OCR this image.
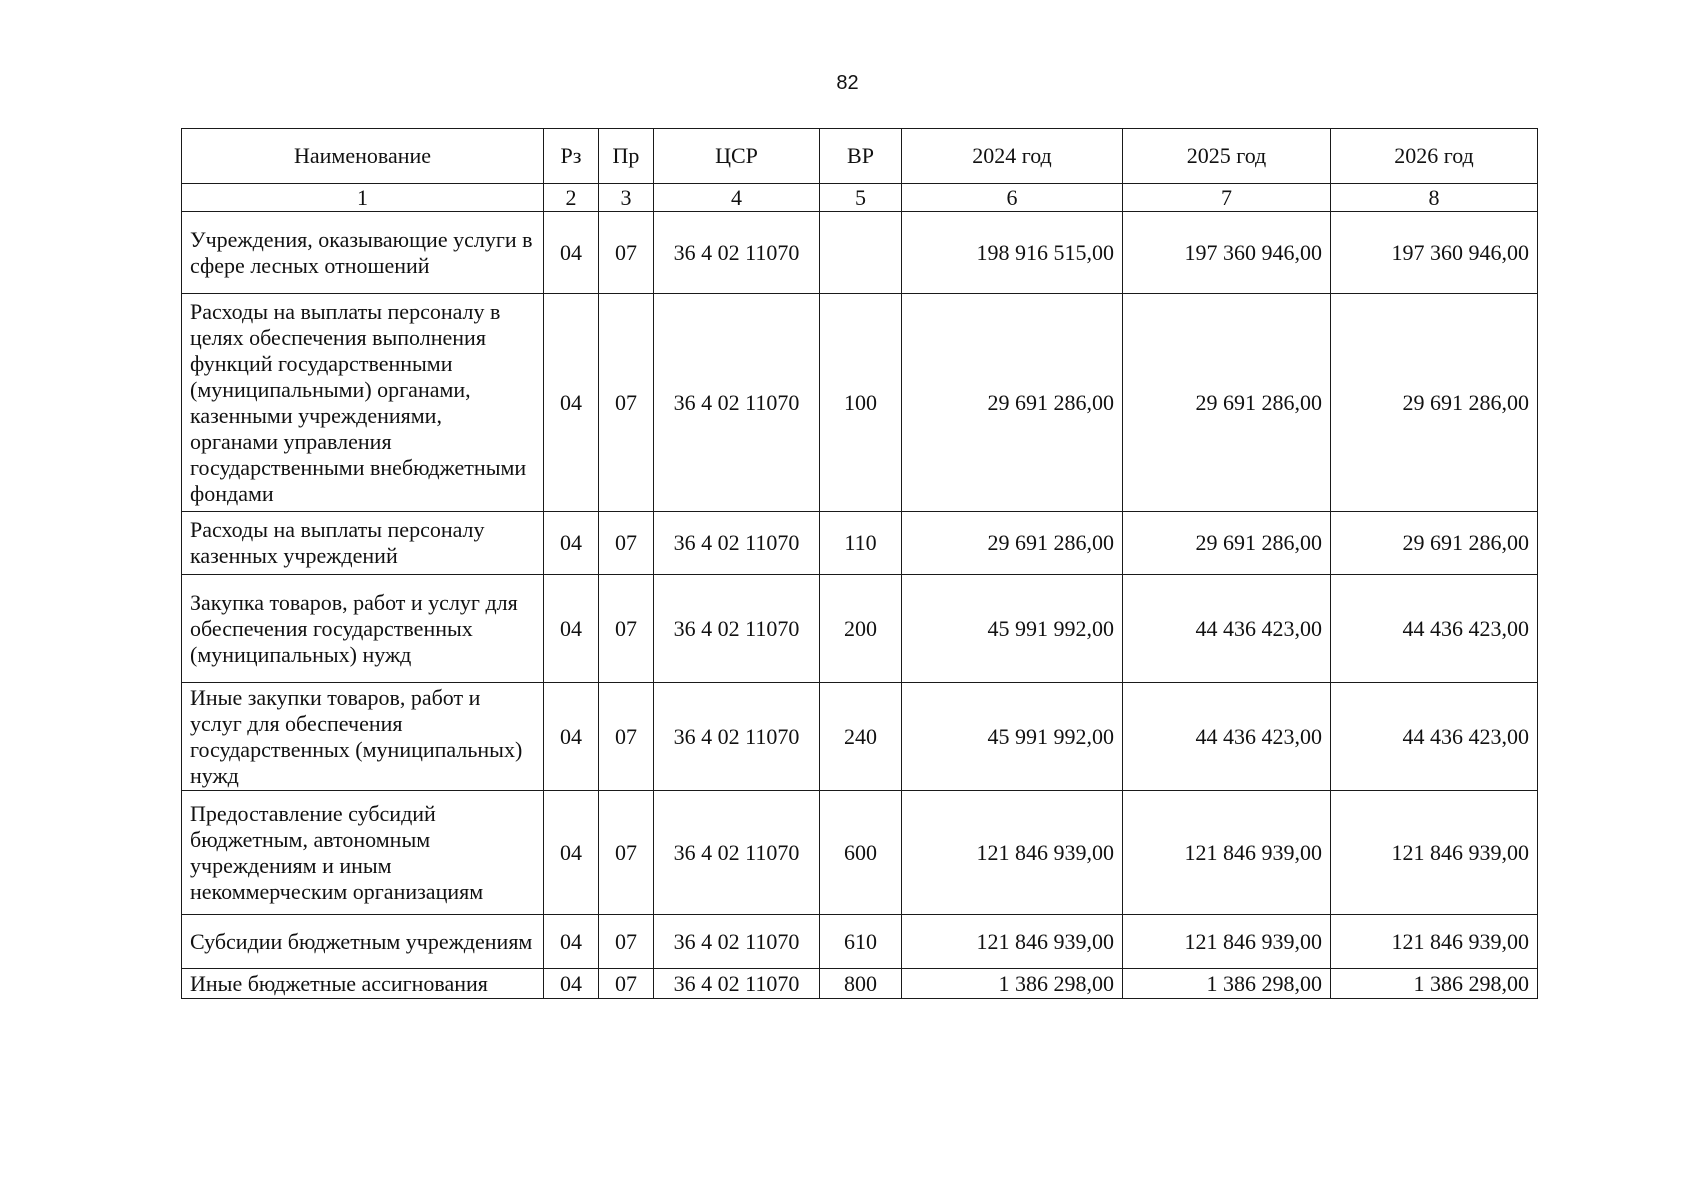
82
Наименование	Рз	Пр	ЦСР	ВР	2024 год	2025 год	2026 год
1	2	3	4	5	6	7	8
Учреждения, оказывающие услуги в сфере лесных отношений	04	07	36 4 02 11070		198 916 515,00	197 360 946,00	197 360 946,00
Расходы на выплаты персоналу в целях обеспечения выполнения функций государственными (муниципальными) органами, казенными учреждениями, органами управления государственными внебюджетными фондами	04	07	36 4 02 11070	100	29 691 286,00	29 691 286,00	29 691 286,00
Расходы на выплаты персоналу казенных учреждений	04	07	36 4 02 11070	110	29 691 286,00	29 691 286,00	29 691 286,00
Закупка товаров, работ и услуг для обеспечения государственных (муниципальных) нужд	04	07	36 4 02 11070	200	45 991 992,00	44 436 423,00	44 436 423,00
Иные закупки товаров, работ и услуг для обеспечения государственных (муниципальных) нужд	04	07	36 4 02 11070	240	45 991 992,00	44 436 423,00	44 436 423,00
Предоставление субсидий бюджетным, автономным учреждениям и иным некоммерческим организациям	04	07	36 4 02 11070	600	121 846 939,00	121 846 939,00	121 846 939,00
Субсидии бюджетным учреждениям	04	07	36 4 02 11070	610	121 846 939,00	121 846 939,00	121 846 939,00
Иные бюджетные ассигнования	04	07	36 4 02 11070	800	1 386 298,00	1 386 298,00	1 386 298,00
